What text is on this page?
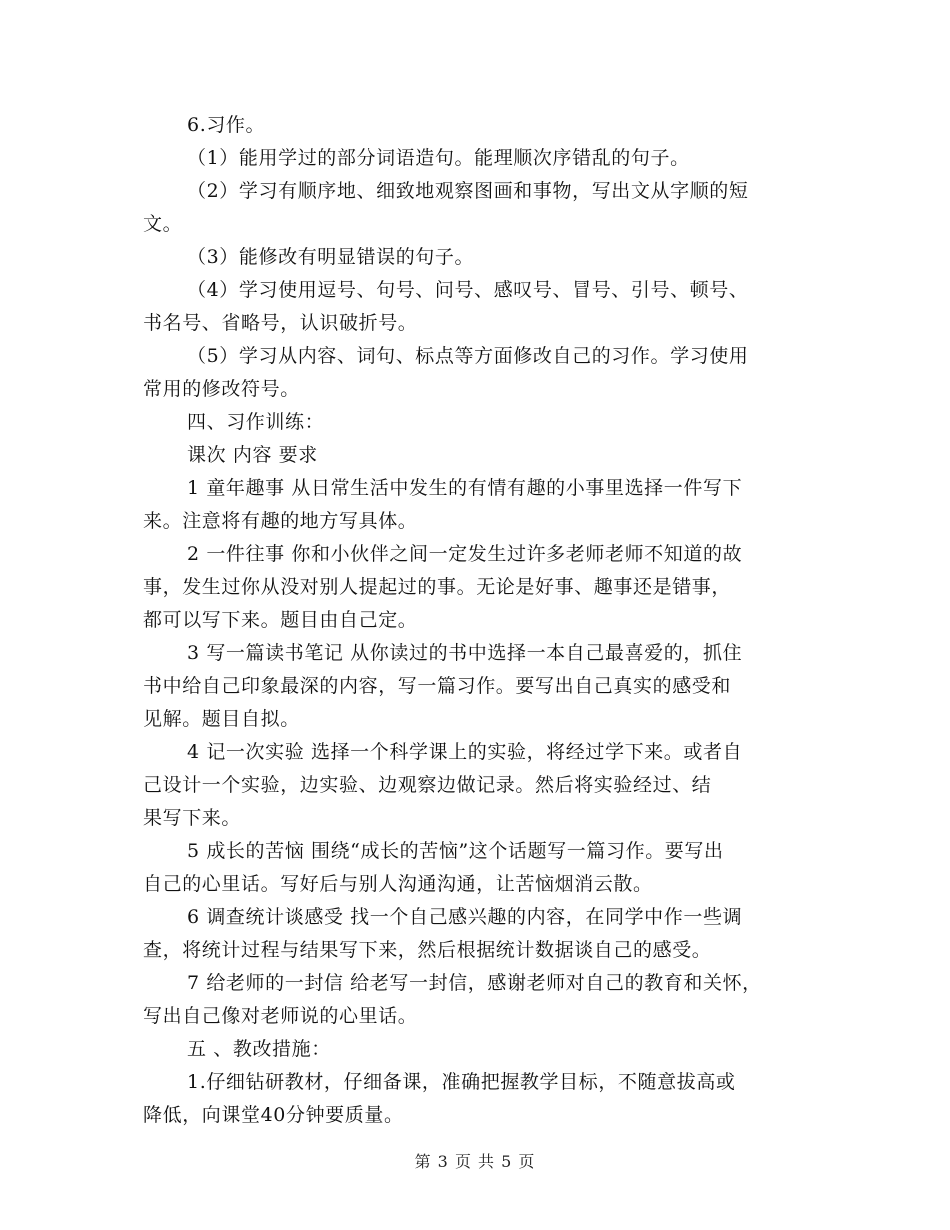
6.习作。
（1）能用学过的部分词语造句。能理顺次序错乱的句子。
（2）学习有顺序地、细致地观察图画和事物，写出文从字顺的短
文。
（3）能修改有明显错误的句子。
（4）学习使用逗号、句号、问号、感叹号、冒号、引号、顿号、
书名号、省略号，认识破折号。
（5）学习从内容、词句、标点等方面修改自己的习作。学习使用
常用的修改符号。
四、习作训练：
课次 内容 要求
1 童年趣事 从日常生活中发生的有情有趣的小事里选择一件写下
来。注意将有趣的地方写具体。
2 一件往事 你和小伙伴之间一定发生过许多老师老师不知道的故
事，发生过你从没对别人提起过的事。无论是好事、趣事还是错事，
都可以写下来。题目由自己定。
3 写一篇读书笔记 从你读过的书中选择一本自己最喜爱的，抓住
书中给自己印象最深的内容，写一篇习作。要写出自己真实的感受和
见解。题目自拟。
4 记一次实验 选择一个科学课上的实验，将经过学下来。或者自
己设计一个实验，边实验、边观察边做记录。然后将实验经过、结
果写下来。
5 成长的苦恼 围绕“成长的苦恼”这个话题写一篇习作。要写出
自己的心里话。写好后与别人沟通沟通，让苦恼烟消云散。
6 调查统计谈感受 找一个自己感兴趣的内容，在同学中作一些调
查，将统计过程与结果写下来，然后根据统计数据谈自己的感受。
7 给老师的一封信 给老写一封信，感谢老师对自己的教育和关怀，
写出自己像对老师说的心里话。
五 、教改措施：
1.仔细钻研教材，仔细备课，准确把握教学目标，不随意拔高或
降低，向课堂40分钟要质量。
第 3 页 共 5 页
